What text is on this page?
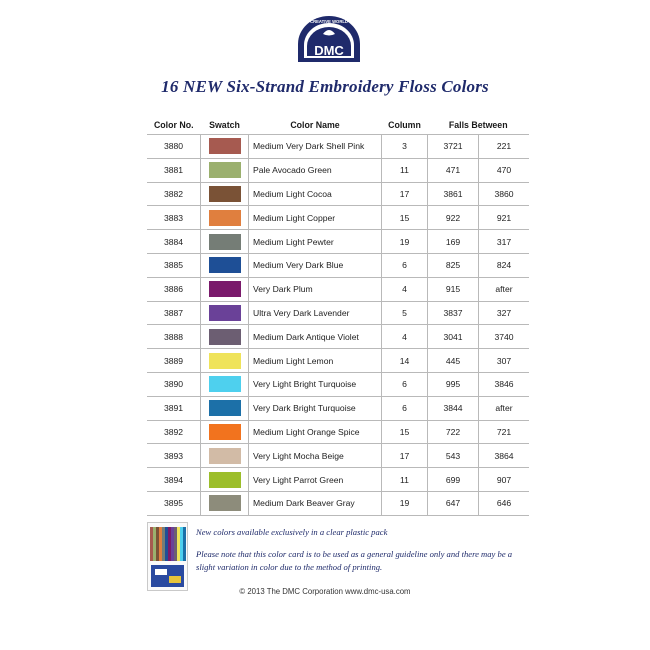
DMC
CREATIVE WORLD
16 NEW Six-Strand Embroidery Floss Colors
Color No.	Swatch	Color Name	Column	Falls Between	
3880		Medium Very Dark Shell Pink	3	3721	221
3881		Pale Avocado Green	11	471	470
3882		Medium Light Cocoa	17	3861	3860
3883		Medium Light Copper	15	922	921
3884		Medium Light Pewter	19	169	317
3885		Medium Very Dark Blue	6	825	824
3886		Very Dark Plum	4	915	after
3887		Ultra Very Dark Lavender	5	3837	327
3888		Medium Dark Antique Violet	4	3041	3740
3889		Medium Light Lemon	14	445	307
3890		Very Light Bright Turquoise	6	995	3846
3891		Very Dark Bright Turquoise	6	3844	after
3892		Medium Light Orange Spice	15	722	721
3893		Very Light Mocha Beige	17	543	3864
3894		Very Light Parrot Green	11	699	907
3895		Medium Dark Beaver Gray	19	647	646
New colors available exclusively in a clear plastic pack
Please note that this color card is to be used as a general guideline only and there may be a slight variation in color due to the method of printing.
© 2013 The DMC Corporation www.dmc-usa.com
